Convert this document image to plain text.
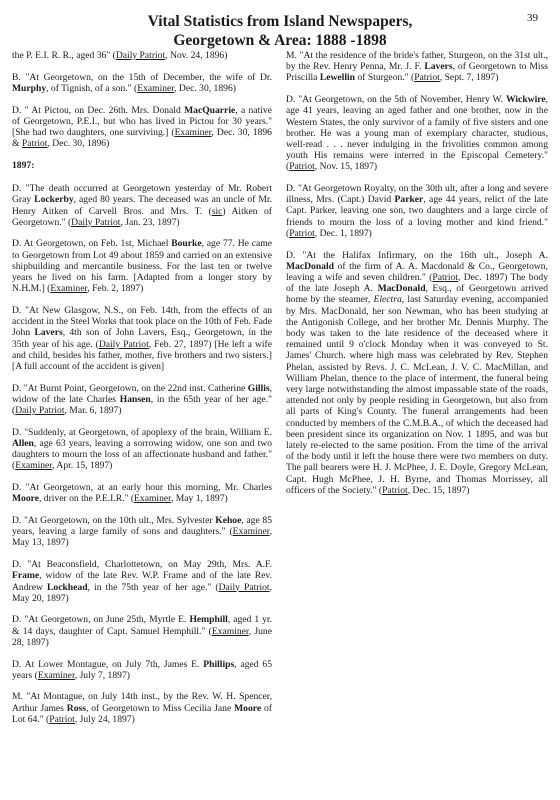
Vital Statistics from Island Newspapers,
Georgetown & Area: 1888 -1898
39

the P. E.I. R. R., aged 36" (Daily Patriot, Nov. 24, 1896)

B. "At Georgetown, on the 15th of December, the wife of Dr. Murphy, of Tignish, of a son." (Examiner, Dec. 30, 1896)

D. " At Pictou, on Dec. 26th. Mrs. Donald MacQuarrie, a native of Georgetown, P.E.I., but who has lived in Pictou for 30 years." [She had two daughters, one surviving.] (Examiner, Dec. 30, 1896 & Patriot, Dec. 30, 1896)

1897:

D. "The death occurred at Georgetown yesterday of Mr. Robert Gray Lockerby, aged 80 years. The deceased was an uncle of Mr. Henry Aitken of Carvell Bros. and Mrs. T. (sic) Aitken of Georgetown." (Daily Patriot, Jan. 23, 1897)

D. At Georgetown, on Feb. 1st, Michael Bourke, age 77. He came to Georgetown from Lot 49 about 1859 and carried on an extensive shipbuilding and mercantile business. For the last ten or twelve years he lived on his farm. [Adapted from a longer story by N.H.M.] (Examiner, Feb. 2, 1897)

D. "At New Glasgow, N.S., on Feb. 14th, from the effects of an accident in the Steel Works that took place on the 10th of Feb. Fade John Lavers, 4th son of John Lavers, Esq., Georgetown, in the 35th year of his age. (Daily Patriot, Feb. 27, 1897) [He left a wife and child, besides his father, mother, five brothers and two sisters.] [A full account of the accident is given]

D. "At Burnt Point, Georgetown, on the 22nd inst. Catherine Gillis, widow of the late Charles Hansen, in the 65th year of her age." (Daily Patriot, Mar. 6, 1897)

D. "Suddenly, at Georgetown, of apoplexy of the brain, William E. Allen, age 63 years, leaving a sorrowing widow, one son and two daughters to mourn the loss of an affectionate husband and father." (Examiner, Apr. 15, 1897)

D. "At Georgetown, at an early hour this morning, Mr. Charles Moore, driver on the P.E.I.R." (Examiner, May 1, 1897)

D. "At Georgetown, on the 10th ult., Mrs. Sylvester Kehoe, age 85 years, leaving a large family of sons and daughters." (Examiner, May 13, 1897)

D. "At Beaconsfield, Charlottetown, on May 29th, Mrs. A.F. Frame, widow of the late Rev. W.P. Frame and of the late Rev. Andrew Lockhead, in the 75th year of her age." (Daily Patriot, May 20, 1897)

D. "At Georgetown, on June 25th, Myrtle E. Hemphill, aged 1 yr. & 14 days, daughter of Capt. Samuel Hemphill." (Examiner, June 28, 1897)

D. At Lower Montague, on July 7th, James E. Phillips, aged 65 years (Examiner, July 7, 1897)

M. "At Montague, on July 14th inst., by the Rev. W. H. Spencer, Arthur James Ross, of Georgetown to Miss Cecilia Jane Moore of Lot 64." (Patriot, July 24, 1897)

M. "At the residence of the bride's father, Sturgeon, on the 31st ult., by the Rev. Henry Penna, Mr. J. F. Lavers, of Georgetown to Miss Priscilla Lewellin of Sturgeon." (Patriot, Sept. 7, 1897)

D. "At Georgetown, on the 5th of November, Henry W. Wickwire, age 41 years, leaving an aged father and one brother, now in the Western States, the only survivor of a family of five sisters and one brother. He was a young man of exemplary character, studious, well-read . . . never indulging in the frivolities common among youth His remains were interred in the Episcopal Cemetery." (Patriot, Nov. 15, 1897)

D. "At Georgetown Royalty, on the 30th ult, after a long and severe illness, Mrs. (Capt.) David Parker, age 44 years, relict of the late Capt. Parker, leaving one son, two daughters and a large circle of friends to mourn the loss of a loving mother and kind friend." (Patriot, Dec. 1, 1897)

D. "At the Halifax Infirmary, on the 16th ult., Joseph A. MacDonald of the firm of A. A. Macdonald & Co., Georgetown, leaving a wife and seven children." (Patriot, Dec. 1897) The body of the late Joseph A. MacDonald, Esq., of Georgetown arrived home by the steamer, Electra, last Saturday evening, accompanied by Mrs. MacDonald, her son Newman, who has been studying at the Antigonish College, and her brother Mr. Dennis Murphy. The body was taken to the late residence of the deceased where it remained until 9 o'clock Monday when it was conveyed to St. James' Church. where high mass was celebrated by Rev. Stephen Phelan, assisted by Revs. J. C. McLean, J. V. C. MacMillan, and William Phelan, thence to the place of interment, the funeral being very large notwithstanding the almost impassable state of the roads, attended not only by people residing in Georgetown, but also from all parts of King's County. The funeral arrangements had been conducted by members of the C.M.B.A., of which the deceased had been president since its organization on Nov. 1 1895, and was but lately re-elected to the same position. From the time of the arrival of the body until it left the house there were two members on duty. The pall bearers were H. J. McPhee, J. E. Doyle, Gregory McLean, Capt. Hugh McPhee, J. H. Byrne, and Thomas Morrissey, all officers of the Society." (Patriot, Dec. 15, 1897)
